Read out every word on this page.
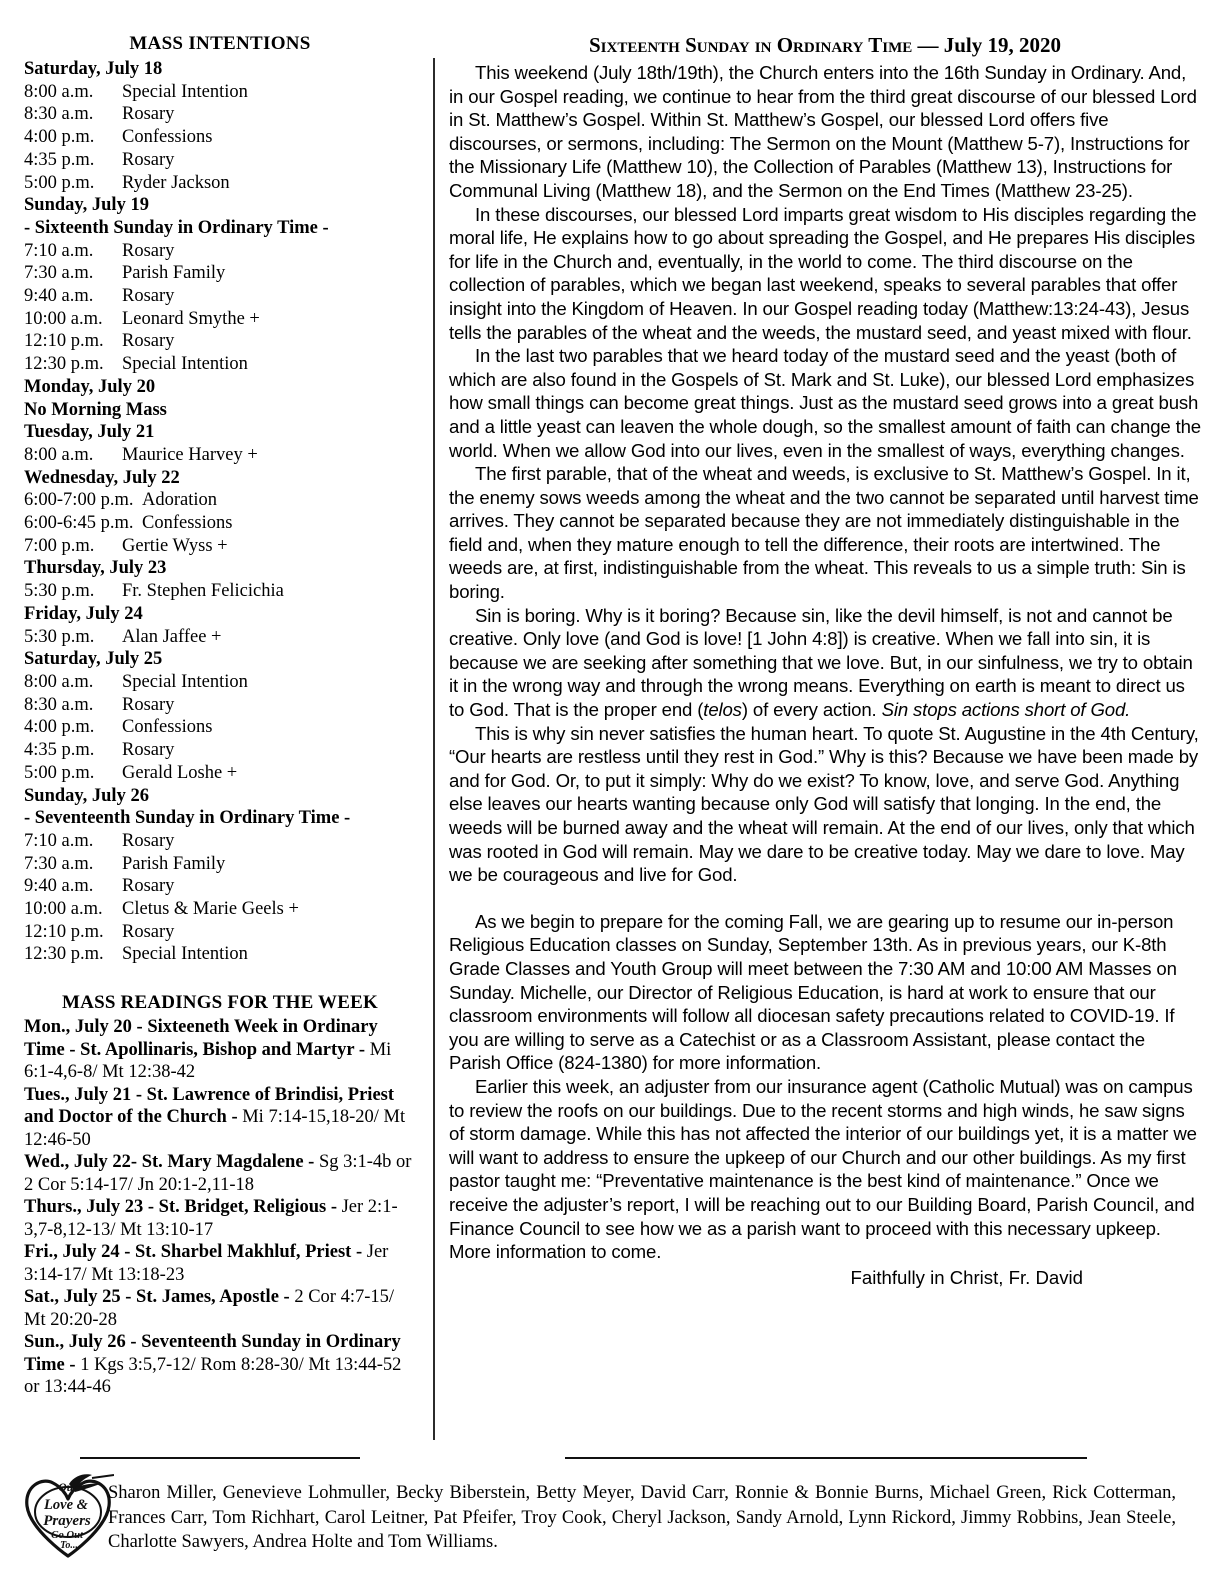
MASS INTENTIONS
Saturday, July 18
8:00 a.m. Special Intention
8:30 a.m. Rosary
4:00 p.m. Confessions
4:35 p.m. Rosary
5:00 p.m. Ryder Jackson
Sunday, July 19
- Sixteenth Sunday in Ordinary Time -
7:10 a.m. Rosary
7:30 a.m. Parish Family
9:40 a.m. Rosary
10:00 a.m. Leonard Smythe +
12:10 p.m. Rosary
12:30 p.m. Special Intention
Monday, July 20
No Morning Mass
Tuesday, July 21
8:00 a.m. Maurice Harvey +
Wednesday, July 22
6:00-7:00 p.m. Adoration
6:00-6:45 p.m. Confessions
7:00 p.m. Gertie Wyss +
Thursday, July 23
5:30 p.m. Fr. Stephen Felicichia
Friday, July 24
5:30 p.m. Alan Jaffee +
Saturday, July 25
8:00 a.m. Special Intention
8:30 a.m. Rosary
4:00 p.m. Confessions
4:35 p.m. Rosary
5:00 p.m. Gerald Loshe +
Sunday, July 26
- Seventeenth Sunday in Ordinary Time -
7:10 a.m. Rosary
7:30 a.m. Parish Family
9:40 a.m. Rosary
10:00 a.m. Cletus & Marie Geels +
12:10 p.m. Rosary
12:30 p.m. Special Intention
MASS READINGS FOR THE WEEK

Mon., July 20 - Sixteeneth Week in Ordinary Time - St. Apollinaris, Bishop and Martyr - Mi 6:1-4,6-8/ Mt 12:38-42

Tues., July 21 - St. Lawrence of Brindisi, Priest and Doctor of the Church - Mi 7:14-15,18-20/ Mt 12:46-50

Wed., July 22- St. Mary Magdalene - Sg 3:1-4b or 2 Cor 5:14-17/ Jn 20:1-2,11-18

Thurs., July 23 - St. Bridget, Religious - Jer 2:1-3,7-8,12-13/ Mt 13:10-17

Fri., July 24 - St. Sharbel Makhluf, Priest - Jer 3:14-17/ Mt 13:18-23

Sat., July 25 - St. James, Apostle - 2 Cor 4:7-15/ Mt 20:20-28

Sun., July 26 - Seventeenth Sunday in Ordinary Time - 1 Kgs 3:5,7-12/ Rom 8:28-30/ Mt 13:44-52 or 13:44-46

Sixteenth Sunday in Ordinary Time — July 19, 2020

This weekend (July 18th/19th), the Church enters into the 16th Sunday in Ordinary. And, in our Gospel reading, we continue to hear from the third great discourse of our blessed Lord in St. Matthew’s Gospel. Within St. Matthew’s Gospel, our blessed Lord offers five discourses, or sermons, including: The Sermon on the Mount (Matthew 5-7), Instructions for the Missionary Life (Matthew 10), the Collection of Parables (Matthew 13), Instructions for Communal Living (Matthew 18), and the Sermon on the End Times (Matthew 23-25).

In these discourses, our blessed Lord imparts great wisdom to His disciples regarding the moral life, He explains how to go about spreading the Gospel, and He prepares His disciples for life in the Church and, eventually, in the world to come. The third discourse on the collection of parables, which we began last weekend, speaks to several parables that offer insight into the Kingdom of Heaven. In our Gospel reading today (Matthew:13:24-43), Jesus tells the parables of the wheat and the weeds, the mustard seed, and yeast mixed with flour.

In the last two parables that we heard today of the mustard seed and the yeast (both of which are also found in the Gospels of St. Mark and St. Luke), our blessed Lord emphasizes how small things can become great things. Just as the mustard seed grows into a great bush and a little yeast can leaven the whole dough, so the smallest amount of faith can change the world. When we allow God into our lives, even in the smallest of ways, everything changes.

The first parable, that of the wheat and weeds, is exclusive to St. Matthew’s Gospel. In it, the enemy sows weeds among the wheat and the two cannot be separated until harvest time arrives. They cannot be separated because they are not immediately distinguishable in the field and, when they mature enough to tell the difference, their roots are intertwined. The weeds are, at first, indistinguishable from the wheat. This reveals to us a simple truth: Sin is boring.

Sin is boring. Why is it boring? Because sin, like the devil himself, is not and cannot be creative. Only love (and God is love! [1 John 4:8]) is creative. When we fall into sin, it is because we are seeking after something that we love. But, in our sinfulness, we try to obtain it in the wrong way and through the wrong means. Everything on earth is meant to direct us to God. That is the proper end (telos) of every action. Sin stops actions short of God.

This is why sin never satisfies the human heart. To quote St. Augustine in the 4th Century, “Our hearts are restless until they rest in God.” Why is this? Because we have been made by and for God. Or, to put it simply: Why do we exist? To know, love, and serve God. Anything else leaves our hearts wanting because only God will satisfy that longing. In the end, the weeds will be burned away and the wheat will remain. At the end of our lives, only that which was rooted in God will remain. May we dare to be creative today. May we dare to love. May we be courageous and live for God.

As we begin to prepare for the coming Fall, we are gearing up to resume our in-person Religious Education classes on Sunday, September 13th. As in previous years, our K-8th Grade Classes and Youth Group will meet between the 7:30 AM and 10:00 AM Masses on Sunday. Michelle, our Director of Religious Education, is hard at work to ensure that our classroom environments will follow all diocesan safety precautions related to COVID-19. If you are willing to serve as a Catechist or as a Classroom Assistant, please contact the Parish Office (824-1380) for more information.

Earlier this week, an adjuster from our insurance agent (Catholic Mutual) was on campus to review the roofs on our buildings. Due to the recent storms and high winds, he saw signs of storm damage. While this has not affected the interior of our buildings yet, it is a matter we will want to address to ensure the upkeep of our Church and our other buildings. As my first pastor taught me: “Preventative maintenance is the best kind of maintenance.” Once we receive the adjuster’s report, I will be reaching out to our Building Board, Parish Council, and Finance Council to see how we as a parish want to proceed with this necessary upkeep. More information to come.

Faithfully in Christ, Fr. David

Our
Love &
Prayers
Go Out
To...
Sharon Miller, Genevieve Lohmuller, Becky Biberstein, Betty Meyer, David Carr, Ronnie & Bonnie Burns, Michael Green, Rick Cotterman, Frances Carr, Tom Richhart, Carol Leitner, Pat Pfeifer, Troy Cook, Cheryl Jackson, Sandy Arnold, Lynn Rickord, Jimmy Robbins, Jean Steele, Charlotte Sawyers, Andrea Holte and Tom Williams.
